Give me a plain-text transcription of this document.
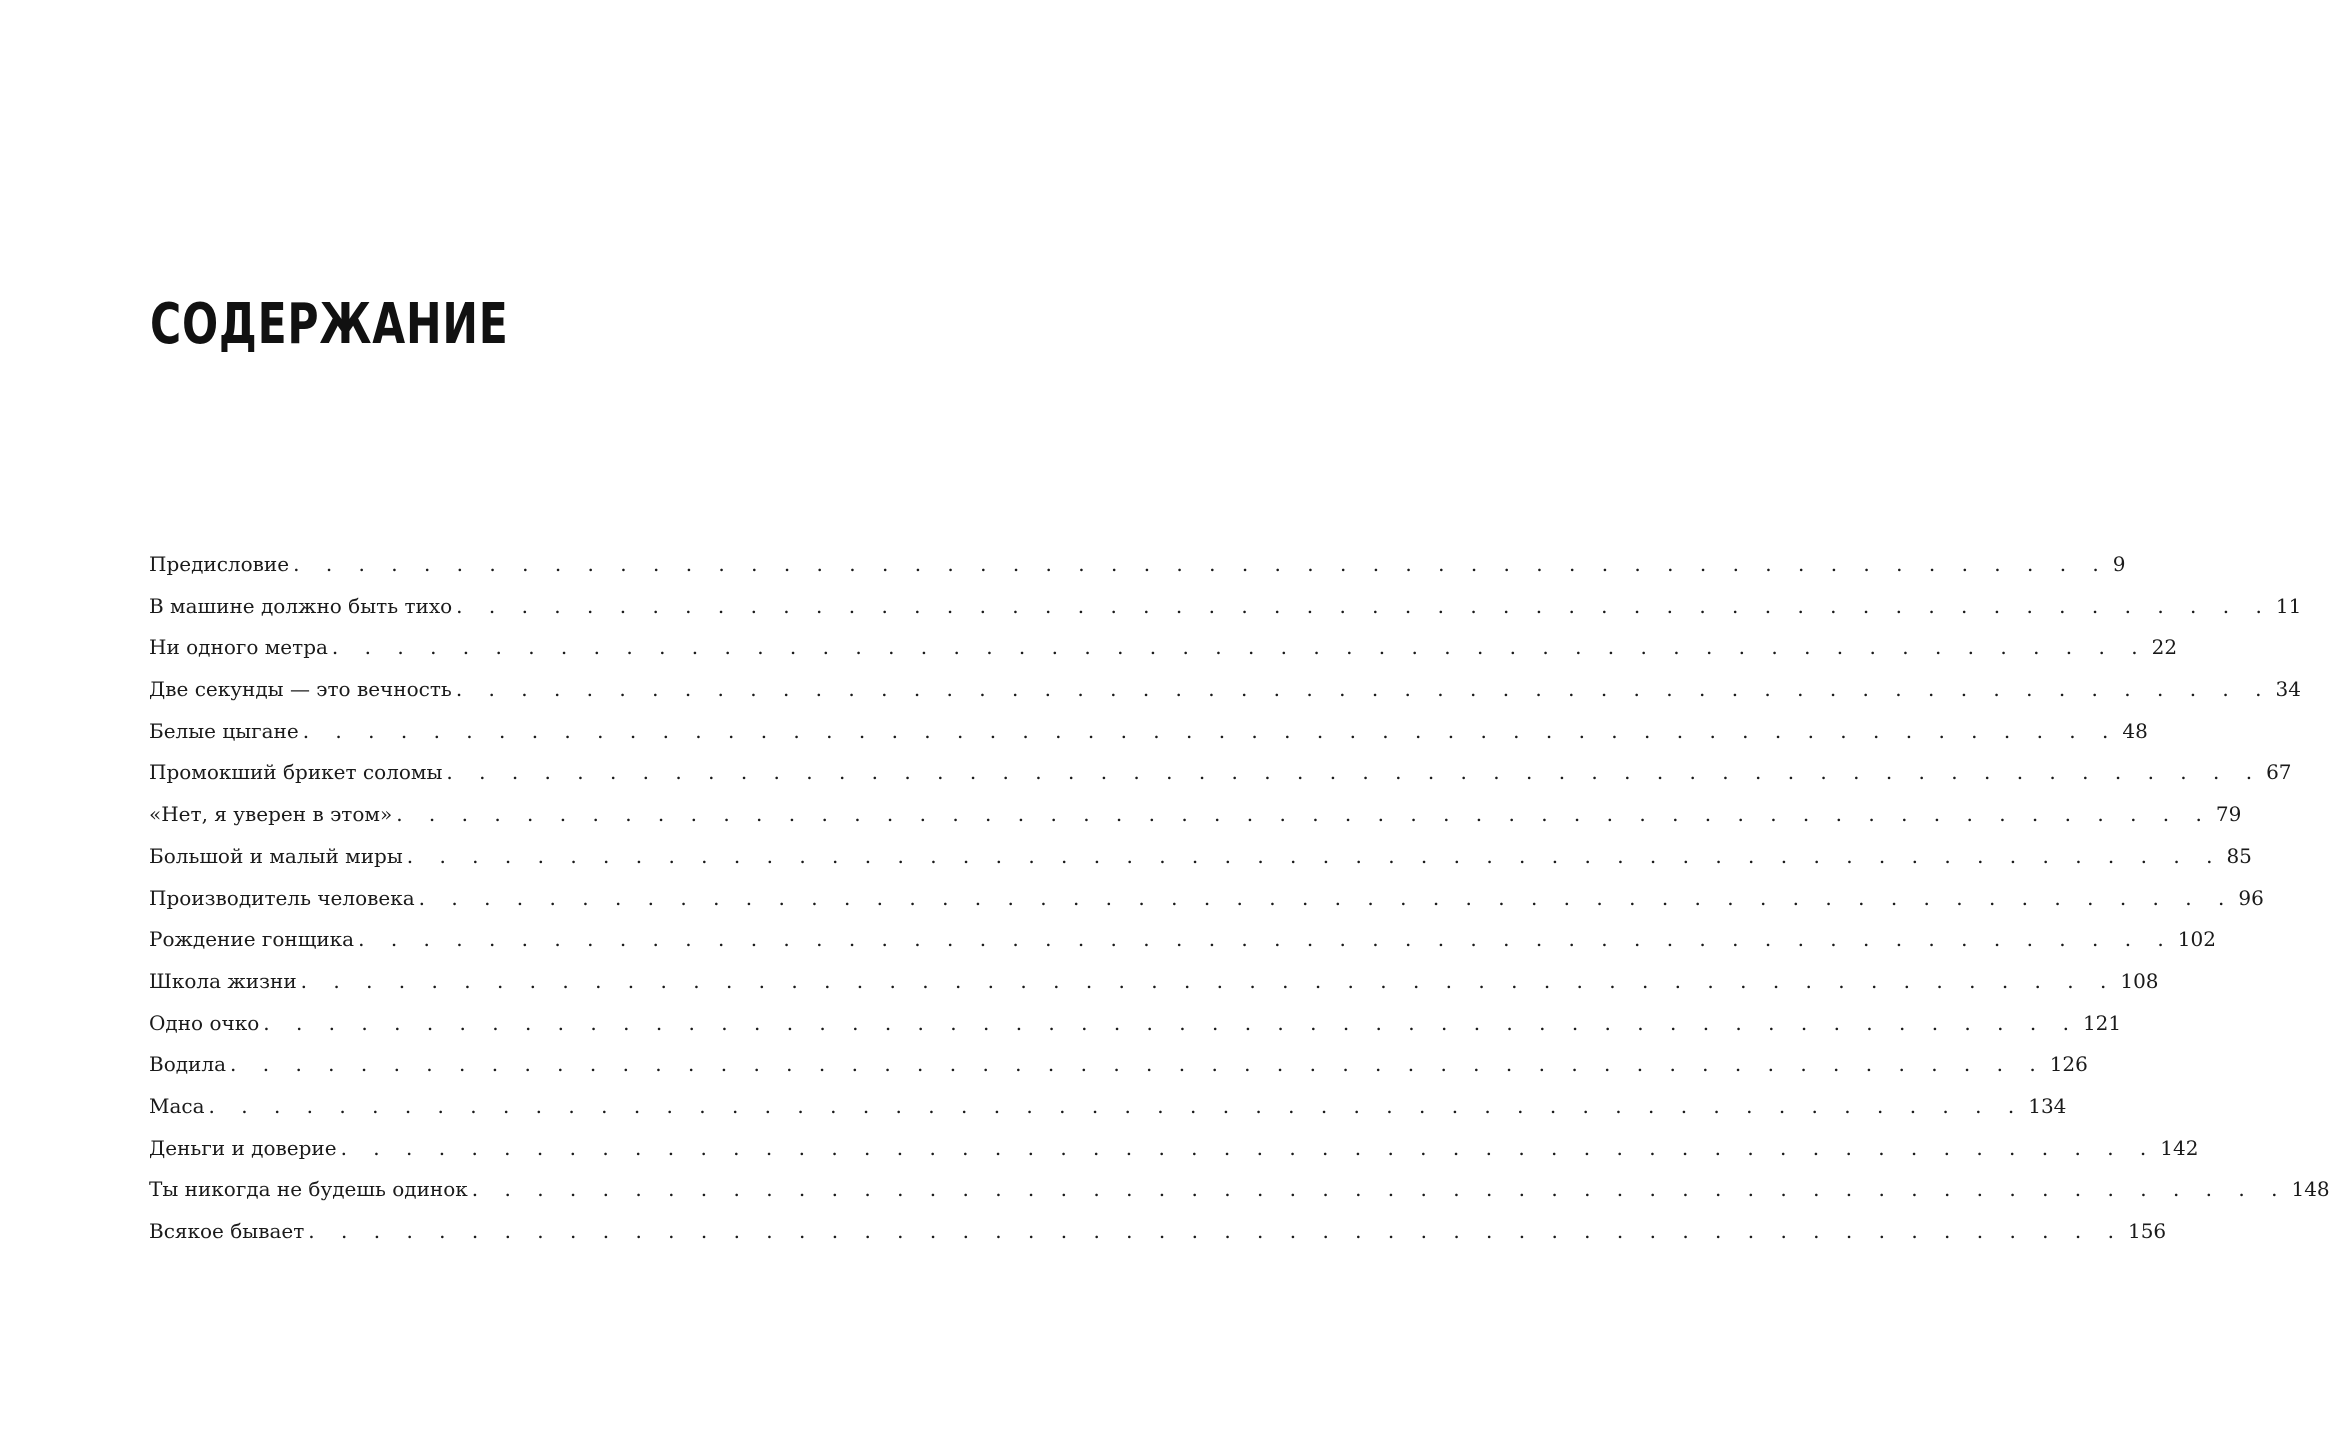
СОДЕРЖАНИЕ
Предисловие . . . . . . . . . . . . . . . . . . . . . . . . . . . . . . . . . . . . . . . . . . . . . . . . . . . . . . . . 9
В машине должно быть тихо . . . . . . . . . . . . . . . . . . . . . . . . . . . . . . . . . . . . . . . . . . . . . . . . . . . . . . . . 11
Ни одного метра . . . . . . . . . . . . . . . . . . . . . . . . . . . . . . . . . . . . . . . . . . . . . . . . . . . . . . . . 22
Две секунды — это вечность . . . . . . . . . . . . . . . . . . . . . . . . . . . . . . . . . . . . . . . . . . . . . . . . . . . . . . . . 34
Белые цыгане . . . . . . . . . . . . . . . . . . . . . . . . . . . . . . . . . . . . . . . . . . . . . . . . . . . . . . . . 48
Промокший брикет соломы . . . . . . . . . . . . . . . . . . . . . . . . . . . . . . . . . . . . . . . . . . . . . . . . . . . . . . . . 67
«Нет, я уверен в этом» . . . . . . . . . . . . . . . . . . . . . . . . . . . . . . . . . . . . . . . . . . . . . . . . . . . . . . . . 79
Большой и малый миры . . . . . . . . . . . . . . . . . . . . . . . . . . . . . . . . . . . . . . . . . . . . . . . . . . . . . . . . 85
Производитель человека . . . . . . . . . . . . . . . . . . . . . . . . . . . . . . . . . . . . . . . . . . . . . . . . . . . . . . . . 96
Рождение гонщика . . . . . . . . . . . . . . . . . . . . . . . . . . . . . . . . . . . . . . . . . . . . . . . . . . . . . . . . 102
Школа жизни . . . . . . . . . . . . . . . . . . . . . . . . . . . . . . . . . . . . . . . . . . . . . . . . . . . . . . . . 108
Одно очко . . . . . . . . . . . . . . . . . . . . . . . . . . . . . . . . . . . . . . . . . . . . . . . . . . . . . . . . 121
Водила . . . . . . . . . . . . . . . . . . . . . . . . . . . . . . . . . . . . . . . . . . . . . . . . . . . . . . . . 126
Маса . . . . . . . . . . . . . . . . . . . . . . . . . . . . . . . . . . . . . . . . . . . . . . . . . . . . . . . . 134
Деньги и доверие . . . . . . . . . . . . . . . . . . . . . . . . . . . . . . . . . . . . . . . . . . . . . . . . . . . . . . . . 142
Ты никогда не будешь одинок . . . . . . . . . . . . . . . . . . . . . . . . . . . . . . . . . . . . . . . . . . . . . . . . . . . . . . . . 148
Всякое бывает . . . . . . . . . . . . . . . . . . . . . . . . . . . . . . . . . . . . . . . . . . . . . . . . . . . . . . . . 156
